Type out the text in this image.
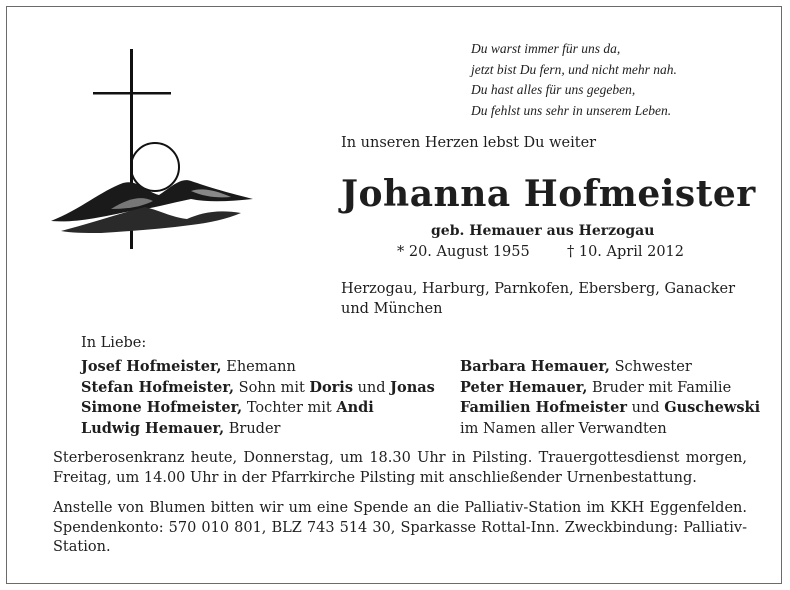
Du warst immer für uns da,
jetzt bist Du fern, und nicht mehr nah.
Du hast alles für uns gegeben,
Du fehlst uns sehr in unserem Leben.
In unseren Herzen lebst Du weiter
Johanna Hofmeister
geb. Hemauer aus Herzogau
* 20. August 1955	† 10. April 2012
Herzogau, Harburg, Parnkofen, Ebersberg, Ganacker und München
In Liebe:
Josef Hofmeister, Ehemann
Stefan Hofmeister, Sohn mit Doris und Jonas
Simone Hofmeister, Tochter mit Andi
Ludwig Hemauer, Bruder
Barbara Hemauer, Schwester
Peter Hemauer, Bruder mit Familie
Familien Hofmeister und Guschewski
im Namen aller Verwandten
Sterberosenkranz heute, Donnerstag, um 18.30 Uhr in Pilsting. Trauergottesdienst morgen, Freitag, um 14.00 Uhr in der Pfarrkirche Pilsting mit anschließender Urnenbestattung.
Anstelle von Blumen bitten wir um eine Spende an die Palliativ-Station im KKH Eggenfelden. Spendenkonto: 570 010 801, BLZ 743 514 30, Sparkasse Rottal-Inn. Zweckbindung: Palliativ-Station.
